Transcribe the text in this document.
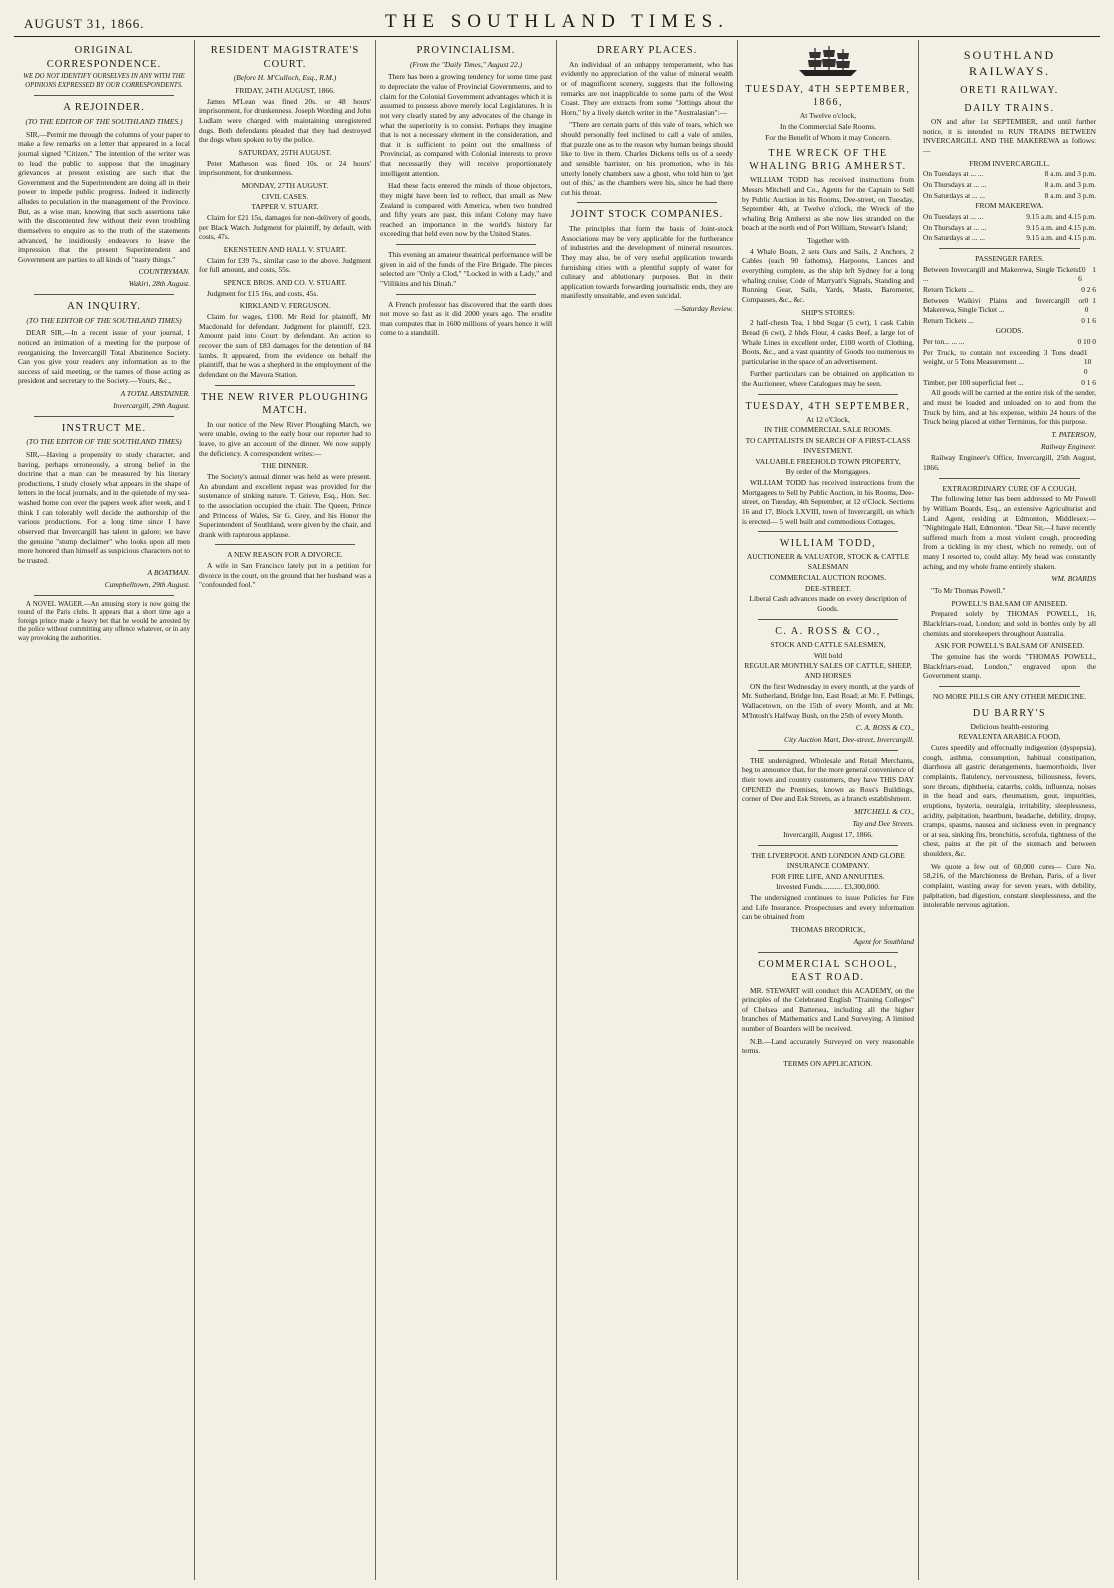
AUGUST 31, 1866.	THE SOUTHLAND TIMES.
ORIGINAL CORRESPONDENCE.
WE DO NOT IDENTIFY OURSELVES IN ANY WITH THE OPINIONS EXPRESSED BY OUR CORRESPONDENTS.
A REJOINDER.
(TO THE EDITOR OF THE SOUTHLAND TIMES.)

SIR,—Permit me through the columns of your paper to make a few remarks on a letter that appeared in a local journal signed "Citizen." The intention of the writer was to lead the public to suppose that the imaginary grievances at present existing are such that the Government and the Superintendent are doing all in their power to impede public progress. Indeed it indirectly alludes to peculation in the management of the Province. But, as a wise man, knowing that such assertions take with the discontented few without their even troubling themselves to enquire as to the truth of the statements advanced, he insidiously endeavors to leave the impression that the present Superintendent and Government are parties to all kinds of "nasty things."

COUNTRYMAN.
Wakiri, 28th August.
AN INQUIRY.
(TO THE EDITOR OF THE SOUTHLAND TIMES)

DEAR SIR,—In a recent issue of your journal, I noticed an intimation of a meeting for the purpose of reorganising the Invercargill Total Abstinence Society. Can you give your readers any information as to the success of said meeting, or the names of those acting as president and secretary to the Society.—Yours, &c.,

A TOTAL ABSTAINER.
Invercargill, 29th August.
INSTRUCT ME.
(TO THE EDITOR OF THE SOUTHLAND TIMES)

SIR,—Having a propensity to study character, and having, perhaps erroneously, a strong belief in the doctrine that a man can be measured by his literary productions, I study closely what appears in the shape of letters in the local journals, and in the quietude of my sea-washed home con over the papers week after week, and I think I can tolerably well decide the authorship of the various productions. For a long time since I have observed that Invercargill has talent in galore; we have the genuine "stump declaimer" who looks upon all men more honored than himself as suspicious characters not to be trusted.

A BOATMAN.
Campbelltown, 29th August.

A NOVEL WAGER.—An amusing story is now going the round of the Paris clubs. It appears that a short time ago a foreign prince made a heavy bet that he would be arrested by the police without committing any offence whatever, or in any way provoking the authorities.

RESIDENT MAGISTRATE'S COURT.
(Before H. M'Culloch, Esq., R.M.)
FRIDAY, 24TH AUGUST, 1866.

James M'Lean was fined 20s. or 48 hours' imprisonment, for drunkenness. Joseph Wording and John Ludlam were charged with maintaining unregistered dogs. Both defendants pleaded that they had destroyed the dogs when spoken to by the police.

SATURDAY, 25TH AUGUST.

Peter Matheson was fined 10s. or 24 hours' imprisonment, for drunkenness.

MONDAY, 27TH AUGUST.
CIVIL CASES.
TAPPER V. STUART.

Claim for £21 15s, damages for non-delivery of goods, per Black Watch. Judgment for plaintiff, by default, with costs, 47s.

EKENSTEEN AND HALL V. STUART.

Claim for £39 7s., similar case to the above. Judgment for full amount, and costs, 55s.

SPENCE BROS. AND CO. V. STUART.

Judgment for £15 16s, and costs, 45s.

KIRKLAND V. FERGUSON.

Claim for wages, £100. Mr Reid for plaintiff, Mr Macdonald for defendant. Judgment for plaintiff, £23. Amount paid into Court by defendant. An action to recover the sum of £83 damages for the detention of 84 lambs. It appeared, from the evidence on behalf the plaintiff, that he was a shepherd in the employment of the defendant on the Mavora Station.

THE NEW RIVER PLOUGHING MATCH.

In our notice of the New River Ploughing Match, we were unable, owing to the early hour our reporter had to leave, to give an account of the dinner. We now supply the deficiency. A correspondent writes:—

THE DINNER.

The Society's annual dinner was held as were present. An abundant and excellent repast was provided for the sustenance of sinking nature. T. Grieve, Esq., Hon. Sec. to the association occupied the chair. The Queen, Prince and Princess of Wales, Sir G. Grey, and his Honor the Superintendent of Southland, were given by the chair, and drank with rapturous applause.

A NEW REASON FOR A DIVORCE.

A wife in San Francisco lately put in a petition for divorce in the court, on the ground that her husband was a "confounded fool."

PROVINCIALISM.
(From the "Daily Times," August 22.)

There has been a growing tendency for some time past to depreciate the value of Provincial Governments, and to claim for the Colonial Government advantages which it is assumed to possess above merely local Legislatures. It is not very clearly stated by any advocates of the change in what the superiority is to consist. Perhaps they imagine that is not a necessary element in the consideration, and that it is sufficient to point out the smallness of Provincial, as compared with Colonial interests to prove that necessarily they will receive proportionately intelligent attention.

Had these facts entered the minds of those objectors, they might have been led to reflect, that small as New Zealand is compared with America, when two hundred and fifty years are past, this infant Colony may have reached an importance in the world's history far exceeding that held even now by the United States.

This evening an amateur theatrical performance will be given in aid of the funds of the Fire Brigade. The pieces selected are "Only a Clod," "Locked in with a Lady," and "Villikins and his Dinah."

A French professor has discovered that the earth does not move so fast as it did 2000 years ago. The erudite man computes that in 1600 millions of years hence it will come to a standstill.

DREARY PLACES.

An individual of an unhappy temperament, who has evidently no appreciation of the value of mineral wealth or of magnificent scenery, suggests that the following remarks are not inapplicable to some parts of the West Coast. They are extracts from some "Jottings about the Horn," by a lively sketch writer in the "Australasian":—

"There are certain parts of this vale of tears, which we should personally feel inclined to call a vale of smiles, that puzzle one as to the reason why human beings should like to live in them. Charles Dickens tells us of a seedy and sensible barrister, on his promotion, who in his utterly lonely chambers saw a ghost, who told him to 'get out of this,' as the chambers were his, since he had there cut his throat.

JOINT STOCK COMPANIES.

The principles that form the basis of Joint-stock Associations may be very applicable for the furtherance of industries and the development of mineral resources. They may also, be of very useful application towards furnishing cities with a plentiful supply of water for culinary and ablutionary purposes. But in their application towards forwarding journalistic ends, they are manifestly unsuitable, and even suicidal.

—Saturday Review.
TUESDAY, 4TH SEPTEMBER, 1866,
At Twelve o'clock,
In the Commercial Sale Rooms.
For the Benefit of Whom it may Concern.
THE WRECK OF THE WHALING BRIG AMHERST.

WILLIAM TODD has received instructions from Messrs Mitchell and Co., Agents for the Captain to Sell by Public Auction in his Rooms, Dee-street, on Tuesday, September 4th, at Twelve o'clock, the Wreck of the whaling Brig Amherst as she now lies stranded on the beach at the north end of Port William, Stewart's Island;

Together with

4 Whale Boats, 2 sets Oars and Sails, 2 Anchors, 2 Cables (each 90 fathoms), Harpoons, Lances and everything complete, as the ship left Sydney for a long whaling cruise; Code of Marryatt's Signals, Standing and Running Gear, Sails, Yards, Masts, Barometer, Compasses, &c., &c.

SHIP'S STORES:

2 half-chests Tea, 1 bbd Sugar (5 cwt), 1 cask Cabin Bread (6 cwt), 2 hhds Flour, 4 casks Beef, a large lot of Whale Lines in excellent order, £100 worth of Clothing, Boots, &c., and a vast quantity of Goods too numerous to particularise in the space of an advertisement.

Further particulars can be obtained on application to the Auctioneer, where Catalogues may be seen.

TUESDAY, 4TH SEPTEMBER,
At 12 o'Clock,
IN THE COMMERCIAL SALE ROOMS.
TO CAPITALISTS IN SEARCH OF A FIRST-CLASS INVESTMENT.
VALUABLE FREEHOLD TOWN PROPERTY,
By order of the Mortgagees.

WILLIAM TODD has received instructions from the Mortgagees to Sell by Public Auction, in his Rooms, Dee-street, on Tuesday, 4th September, at 12 o'Clock. Sections 16 and 17, Block LXVIII, town of Invercargill, on which is erected— 5 well built and commodious Cottages,

WILLIAM TODD,
AUCTIONEER & VALUATOR, STOCK & CATTLE SALESMAN
COMMERCIAL AUCTION ROOMS.
DEE-STREET.
Liberal Cash advances made on every description of Goods.
C. A. ROSS & CO.,
STOCK AND CATTLE SALESMEN,
Will hold
REGULAR MONTHLY SALES OF CATTLE, SHEEP, AND HORSES

ON the first Wednesday in every month, at the yards of Mr. Sutherland, Bridge Inn, East Road; at Mr. F. Pellings, Wallacetown, on the 15th of every Month, and at Mr. M'Intosh's Halfway Bush, on the 25th of every Month.

C. A. ROSS & CO.,
City Auction Mart, Dee-street, Invercargill.

THE undersigned, Wholesale and Retail Merchants, beg to announce that, for the more general convenience of their town and country customers, they have THIS DAY OPENED the Premises, known as Ross's Buildings, corner of Dee and Esk Streets, as a branch establishment.

MITCHELL & CO.,
Tay and Dee Streets.
Invercargill, August 17, 1866.
THE LIVERPOOL AND LONDON AND GLOBE INSURANCE COMPANY.
FOR FIRE LIFE, AND ANNUITIES.
Invested Funds........... £3,300,000.

The undersigned continues to issue Policies for Fire and Life Insurance. Prospectuses and every information can be obtained from

THOMAS BRODRICK,
Agent for Southland
COMMERCIAL SCHOOL, EAST ROAD.

MR. STEWART will conduct this ACADEMY, on the principles of the Celebrated English "Training Colleges" of Chelsea and Battersea, including all the higher branches of Mathematics and Land Surveying. A limited number of Boarders will be received.

N.B.—Land accurately Surveyed on very reasonable terms.

TERMS ON APPLICATION.
SOUTHLAND RAILWAYS.
ORETI RAILWAY.
DAILY TRAINS.

ON and after 1st SEPTEMBER, and until further notice, it is intended to RUN TRAINS BETWEEN INVERCARGILL AND THE MAKEREWA as follows:—

FROM INVERCARGILL.
On Tuesdays at ... ...	8 a.m. and 3 p.m.
On Thursdays at ... ...	8 a.m. and 3 p.m.
On Saturdays at ... ...	8 a.m. and 3 p.m.
FROM MAKEREWA.
On Tuesdays at ... ...	9.15 a.m. and 4.15 p.m.
On Thursdays at ... ...	9.15 a.m. and 4.15 p.m.
On Saturdays at ... ...	9.15 a.m. and 4.15 p.m.
PASSENGER FARES.
Between Invercargill and Makerewa, Single Tickets ...
£0 1 6
Return Tickets ...	0 2 6
Between Waikivi Plains and Invercargill or Makerewa, Single Ticket ...
0 1 0
Return Tickets ...	0 1 6
GOODS.
Per ton... ... ...	0 10 0
Per Truck, to contain not exceeding 3 Tons dead weight, or 5 Tons Measurement ...
1 10 0
Timber, per 100 superficial feet ...	0 1 6

All goods will be carried at the entire risk of the sender, and must be loaded and unloaded on to and from the Truck by him, and at his expense, within 24 hours of the Truck being placed at either Terminus, for this purpose.

T. PATERSON,
Railway Engineer.
Railway Engineer's Office, Invercargill, 25th August, 1866.
EXTRAORDINARY CURE OF A COUGH.

The following letter has been addressed to Mr Powell by William Boards, Esq., an extensive Agriculturist and Land Agent, residing at Edmonton, Middlesex:— "Nightingale Hall, Edmonton. "Dear Sir,—I have recently suffered much from a most violent cough, proceeding from a tickling in my chest, which no remedy, out of many I resorted to, could allay. My head was constantly aching, and my whole frame entirely shaken.

WM. BOARDS
"To Mr Thomas Powell."
POWELL'S BALSAM OF ANISEED.

Prepared solely by THOMAS POWELL, 16, Blackfriars-road, London; and sold in bottles only by all chemists and storekeepers throughout Australia.

ASK FOR POWELL'S BALSAM OF ANISEED.

The genuine has the words "THOMAS POWELL, Blackfriars-road, London," engraved upon the Government stamp.

NO MORE PILLS OR ANY OTHER MEDICINE.
DU BARRY'S
Delicious health-restoring
REVALENTA ARABICA FOOD,

Cures speedily and effectually indigestion (dyspepsia), cough, asthma, consumption, habitual constipation, diarrhoea all gastric derangements, haemorrhoids, liver complaints, flatulency, nervousness, biliousness, fevers, sore throats, diphtheria, catarrhs, colds, influenza, noises in the head and ears, rheumatism, gout, impurities, eruptions, hysteria, neuralgia, irritability, sleeplessness, acidity, palpitation, heartburn, headache, debility, dropsy, cramps, spasms, nausea and sickness even in pregnancy or at sea, sinking fits, bronchitis, scrofula, tightness of the chest, pains at the pit of the stomach and between shoulders, &c.

We quote a few out of 60,000 cures— Cure No. 58,216, of the Marchioness de Brehan, Paris, of a liver complaint, wasting away for seven years, with debility, palpitation, bad digestion, constant sleeplessness, and the intolerable nervous agitation.
